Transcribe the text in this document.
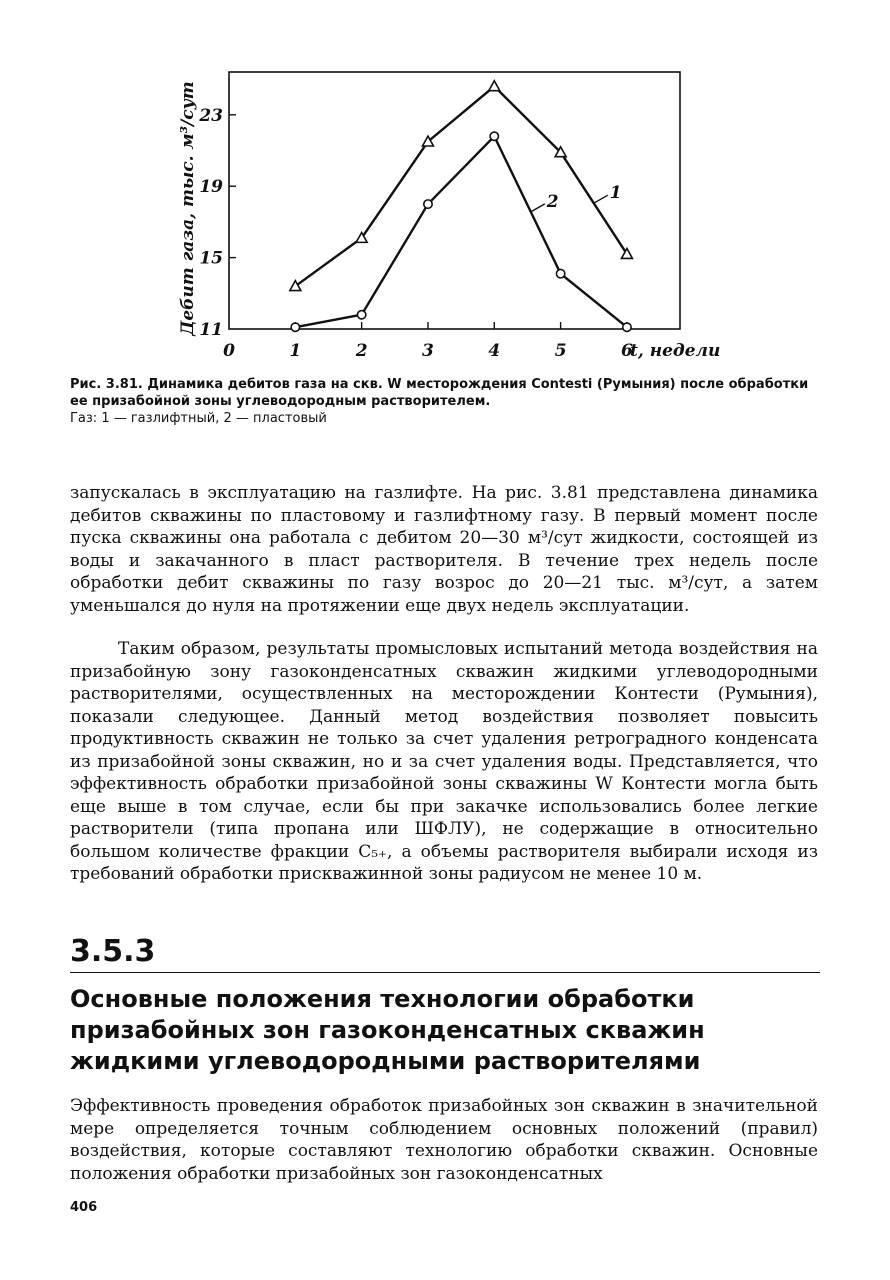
0	1	2	3	4	5	6
11
15
19
23
t, недели
Дебит газа, тыс. м³/сут	1
2
Рис. 3.81. Динамика дебитов газа на скв. W месторождения Contesti (Румыния) после обработки ее призабойной зоны углеводородным растворителем.
Газ: 1 — газлифтный, 2 — пластовый

запускалась в эксплуатацию на газлифте. На рис. 3.81 представлена динамика дебитов скважины по пластовому и газлифтному газу. В первый момент после пуска скважины она работала с дебитом 20—30 м³/сут жидкости, состоящей из воды и закачанного в пласт растворителя. В течение трех недель после обработки дебит скважины по газу возрос до 20—21 тыс. м³/сут, а затем уменьшался до нуля на протяжении еще двух недель эксплуатации.

Таким образом, результаты промысловых испытаний метода воздействия на призабойную зону газоконденсатных скважин жидкими углеводородными растворителями, осуществленных на месторождении Контести (Румыния), показали следующее. Данный метод воздействия позволяет повысить продуктивность скважин не только за счет удаления ретроградного конденсата из призабойной зоны скважин, но и за счет удаления воды. Представляется, что эффективность обработки призабойной зоны скважины W Контести могла быть еще выше в том случае, если бы при закачке использовались более легкие растворители (типа пропана или ШФЛУ), не содержащие в относительно большом количестве фракции C₅₊, а объемы растворителя выбирали исходя из требований обработки прискважинной зоны радиусом не менее 10 м.

3.5.3
Основные положения технологии обработки призабойных зон газоконденсатных скважин жидкими углеводородными растворителями

Эффективность проведения обработок призабойных зон скважин в значительной мере определяется точным соблюдением основных положений (правил) воздействия, которые составляют технологию обработки скважин. Основные положения обработки призабойных зон газоконденсатных

406
